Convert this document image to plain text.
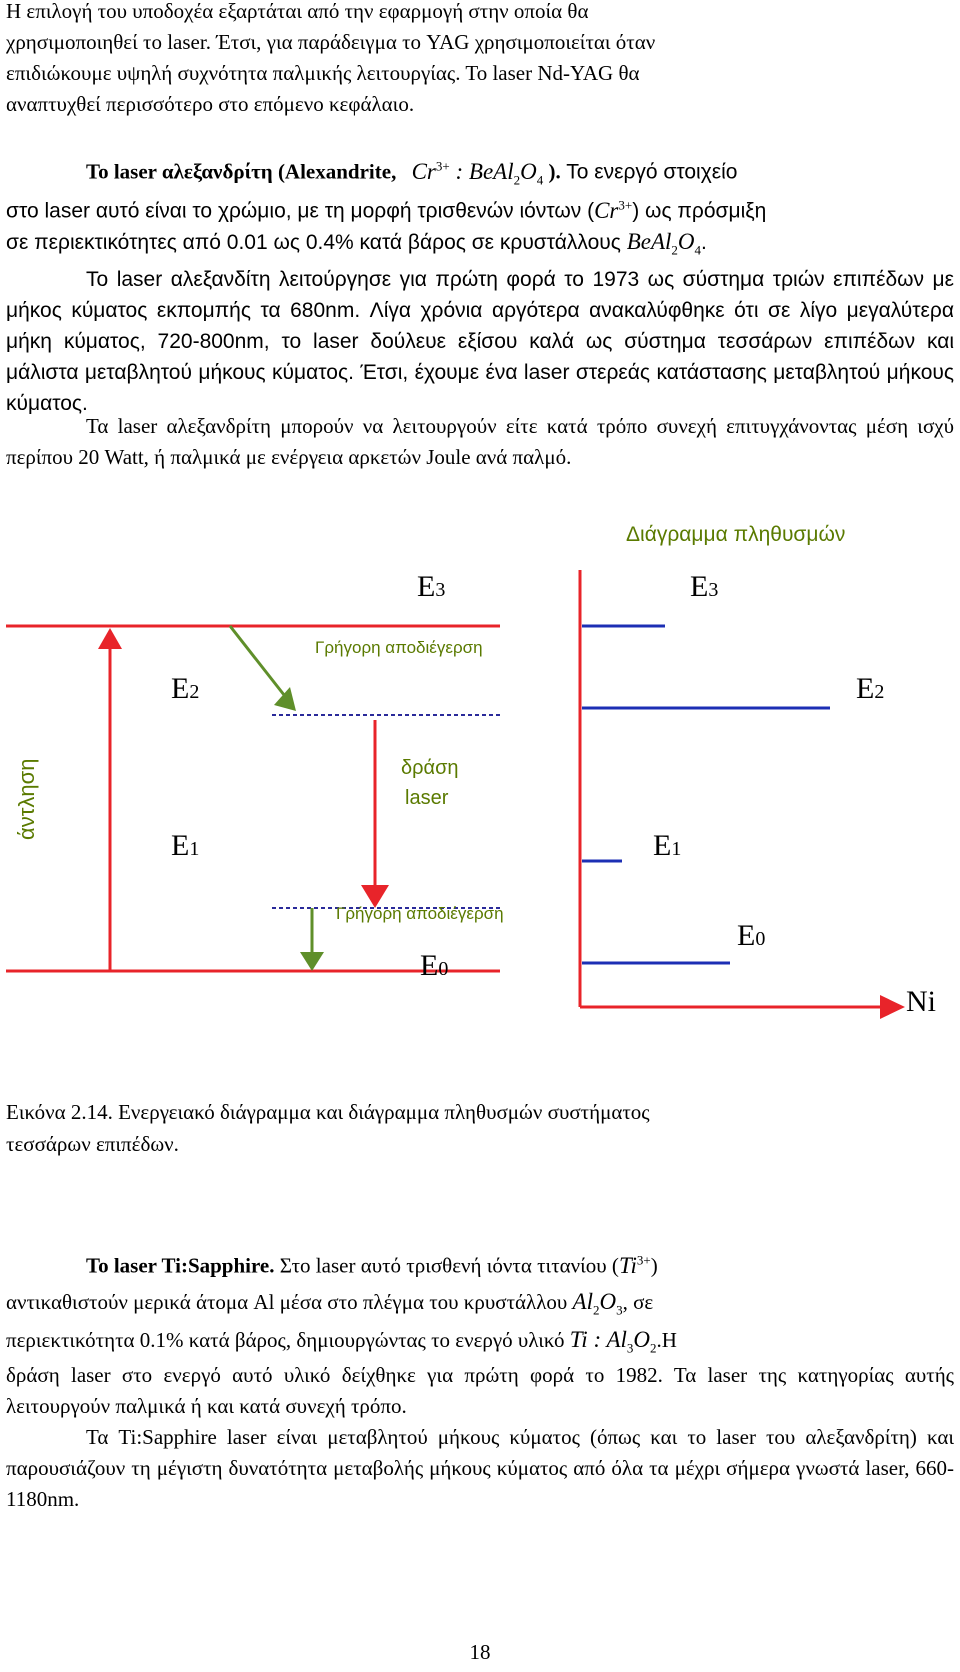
Η επιλογή του υποδοχέα εξαρτάται από την εφαρμογή στην οποία θα
χρησιμοποιηθεί το laser. Έτσι, για παράδειγμα το YAG χρησιμοποιείται όταν
επιδιώκουμε υψηλή συχνότητα παλμικής λειτουργίας. Το laser Nd-YAG θα
αναπτυχθεί περισσότερο στο επόμενο κεφάλαιο.
Το laser αλεξανδρίτη (Alexandrite, $Cr^{3+}$ : $BeAl_2O_4$ ). Το ενεργό στοιχείο
στο laser αυτό είναι το χρώμιο, με τη μορφή τρισθενών ιόντων $(Cr^{3+})$ ως πρόσμιξη
σε περιεκτικότητες από 0.01 ως 0.4% κατά βάρος σε κρυστάλλους $BeAl_2O_4$.

Το laser αλεξανδίτη λειτούργησε για πρώτη φορά το 1973 ως σύστημα τριών επιπέδων με μήκος κύματος εκπομπής τα 680nm. Λίγα χρόνια αργότερα ανακαλύφθηκε ότι σε λίγο μεγαλύτερα μήκη κύματος, 720-800nm, το laser δούλευε εξίσου καλά ως σύστημα τεσσάρων επιπέδων και μάλιστα μεταβλητού μήκους κύματος. Έτσι, έχουμε ένα laser στερεάς κατάστασης μεταβλητού μήκους κύματος.

Τα laser αλεξανδρίτη μπορούν να λειτουργούν είτε κατά τρόπο συνεχή επιτυγχάνοντας μέση ισχύ περίπου 20 Watt, ή παλμικά με ενέργεια αρκετών Joule ανά παλμό.

Διάγραμμα πληθυσμών
Γρήγορη αποδιέγερση
Γρήγορη αποδιέγερση
άντληση	δράση
laser
E3
E2
E1
E0
E3
E2
E1
E0
Ni
Εικόνα 2.14. Ενεργειακό διάγραμμα και διάγραμμα πληθυσμών συστήματος
τεσσάρων επιπέδων.
Το laser Ti:Sapphire. Στο laser αυτό τρισθενή ιόντα τιτανίου $(Ti^{3+})$
αντικαθιστούν μερικά άτομα Al μέσα στο πλέγμα του κρυστάλλου $Al_2O_3$, σε
περιεκτικότητα 0.1% κατά βάρος, δημιουργώντας το ενεργό υλικό Ti : $Al_3O_2.H$

δράση laser στο ενεργό αυτό υλικό δείχθηκε για πρώτη φορά το 1982. Τα laser της κατηγορίας αυτής λειτουργούν παλμικά ή και κατά συνεχή τρόπο.

Τα Ti:Sapphire laser είναι μεταβλητού μήκους κύματος (όπως και το laser του αλεξανδρίτη) και παρουσιάζουν τη μέγιστη δυνατότητα μεταβολής μήκους κύματος από όλα τα μέχρι σήμερα γνωστά laser, 660-1180nm.

18
